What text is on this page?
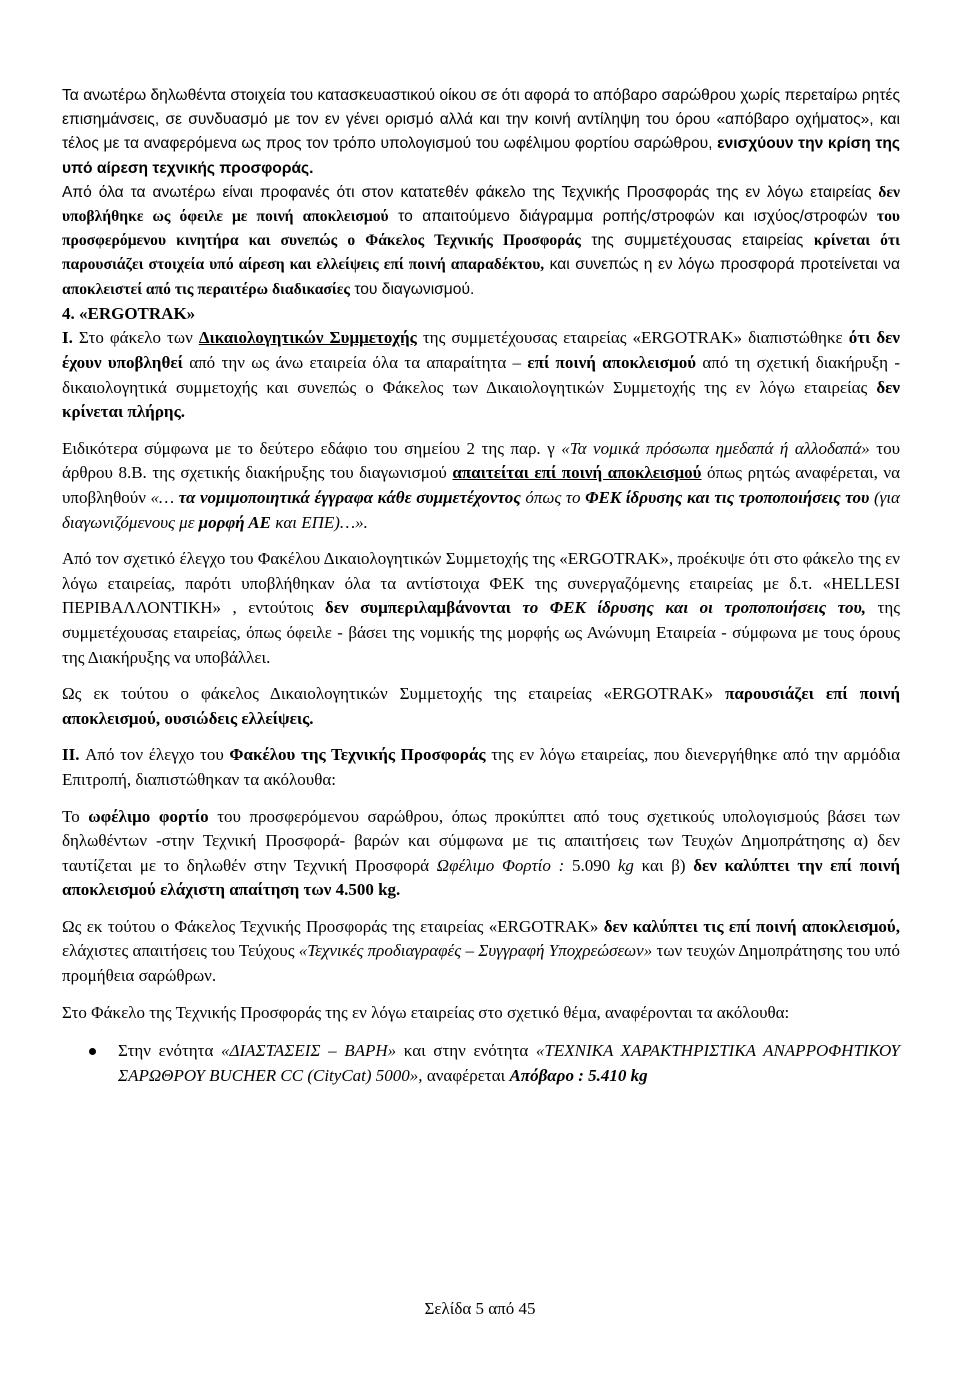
Τα ανωτέρω δηλωθέντα στοιχεία του κατασκευαστικού οίκου σε ότι αφορά το απόβαρο σαρώθρου χωρίς περεταίρω ρητές επισημάνσεις, σε συνδυασμό με τον εν γένει ορισμό αλλά και την κοινή αντίληψη του όρου «απόβαρο οχήματος», και τέλος με τα αναφερόμενα ως προς τον τρόπο υπολογισμού του ωφέλιμου φορτίου σαρώθρου, ενισχύουν την κρίση της υπό αίρεση τεχνικής προσφοράς.

Από όλα τα ανωτέρω είναι προφανές ότι στον κατατεθέν φάκελο της Τεχνικής Προσφοράς της εν λόγω εταιρείας δεν υποβλήθηκε ως όφειλε με ποινή αποκλεισμού το απαιτούμενο διάγραμμα ροπής/στροφών και ισχύος/στροφών του προσφερόμενου κινητήρα και συνεπώς ο Φάκελος Τεχνικής Προσφοράς της συμμετέχουσας εταιρείας κρίνεται ότι παρουσιάζει στοιχεία υπό αίρεση και ελλείψεις επί ποινή απαραδέκτου, και συνεπώς η εν λόγω προσφορά προτείνεται να αποκλειστεί από τις περαιτέρω διαδικασίες του διαγωνισμού.

4. «ERGOTRAK»

I. Στο φάκελο των Δικαιολογητικών Συμμετοχής της συμμετέχουσας εταιρείας «ERGOTRAK» διαπιστώθηκε ότι δεν έχουν υποβληθεί από την ως άνω εταιρεία όλα τα απαραίτητα – επί ποινή αποκλεισμού από τη σχετική διακήρυξη - δικαιολογητικά συμμετοχής και συνεπώς ο Φάκελος των Δικαιολογητικών Συμμετοχής της εν λόγω εταιρείας δεν κρίνεται πλήρης.

Ειδικότερα σύμφωνα με το δεύτερο εδάφιο του σημείου 2 της παρ. γ «Τα νομικά πρόσωπα ημεδαπά ή αλλοδαπά» του άρθρου 8.Β. της σχετικής διακήρυξης του διαγωνισμού απαιτείται επί ποινή αποκλεισμού όπως ρητώς αναφέρεται, να υποβληθούν «… τα νομιμοποιητικά έγγραφα κάθε συμμετέχοντος όπως το ΦΕΚ ίδρυσης και τις τροποποιήσεις του (για διαγωνιζόμενους με μορφή ΑΕ και ΕΠΕ)…».

Από τον σχετικό έλεγχο του Φακέλου Δικαιολογητικών Συμμετοχής της «ERGOTRAK», προέκυψε ότι στο φάκελο της εν λόγω εταιρείας, παρότι υποβλήθηκαν όλα τα αντίστοιχα ΦΕΚ της συνεργαζόμενης εταιρείας με δ.τ. «HELLESI ΠΕΡΙΒΑΛΛΟΝΤΙΚΗ» , εντούτοις δεν συμπεριλαμβάνονται το ΦΕΚ ίδρυσης και οι τροποποιήσεις του, της συμμετέχουσας εταιρείας, όπως όφειλε - βάσει της νομικής της μορφής ως Ανώνυμη Εταιρεία - σύμφωνα με τους όρους της Διακήρυξης να υποβάλλει.

Ως εκ τούτου ο φάκελος Δικαιολογητικών Συμμετοχής της εταιρείας «ERGOTRAK» παρουσιάζει επί ποινή αποκλεισμού, ουσιώδεις ελλείψεις.

II. Από τον έλεγχο του Φακέλου της Τεχνικής Προσφοράς της εν λόγω εταιρείας, που διενεργήθηκε από την αρμόδια Επιτροπή, διαπιστώθηκαν τα ακόλουθα:

Το ωφέλιμο φορτίο του προσφερόμενου σαρώθρου, όπως προκύπτει από τους σχετικούς υπολογισμούς βάσει των δηλωθέντων -στην Τεχνική Προσφορά- βαρών και σύμφωνα με τις απαιτήσεις των Τευχών Δημοπράτησης α) δεν ταυτίζεται με το δηλωθέν στην Τεχνική Προσφορά Ωφέλιμο Φορτίο : 5.090 kg και β) δεν καλύπτει την επί ποινή αποκλεισμού ελάχιστη απαίτηση των 4.500 kg.

Ως εκ τούτου ο Φάκελος Τεχνικής Προσφοράς της εταιρείας «ERGOTRAK» δεν καλύπτει τις επί ποινή αποκλεισμού, ελάχιστες απαιτήσεις του Τεύχους «Τεχνικές προδιαγραφές – Συγγραφή Υποχρεώσεων» των τευχών Δημοπράτησης του υπό προμήθεια σαρώθρων.

Στο Φάκελο της Τεχνικής Προσφοράς της εν λόγω εταιρείας στο σχετικό θέμα, αναφέρονται τα ακόλουθα:

Στην ενότητα «ΔΙΑΣΤΑΣΕΙΣ – ΒΑΡΗ» και στην ενότητα «ΤΕΧΝΙΚΑ ΧΑΡΑΚΤΗΡΙΣΤΙΚΑ ΑΝΑΡΡΟΦΗΤΙΚΟΥ ΣΑΡΩΘΡΟΥ BUCHER CC (CityCat) 5000», αναφέρεται Απόβαρο : 5.410 kg
Σελίδα 5 από 45
